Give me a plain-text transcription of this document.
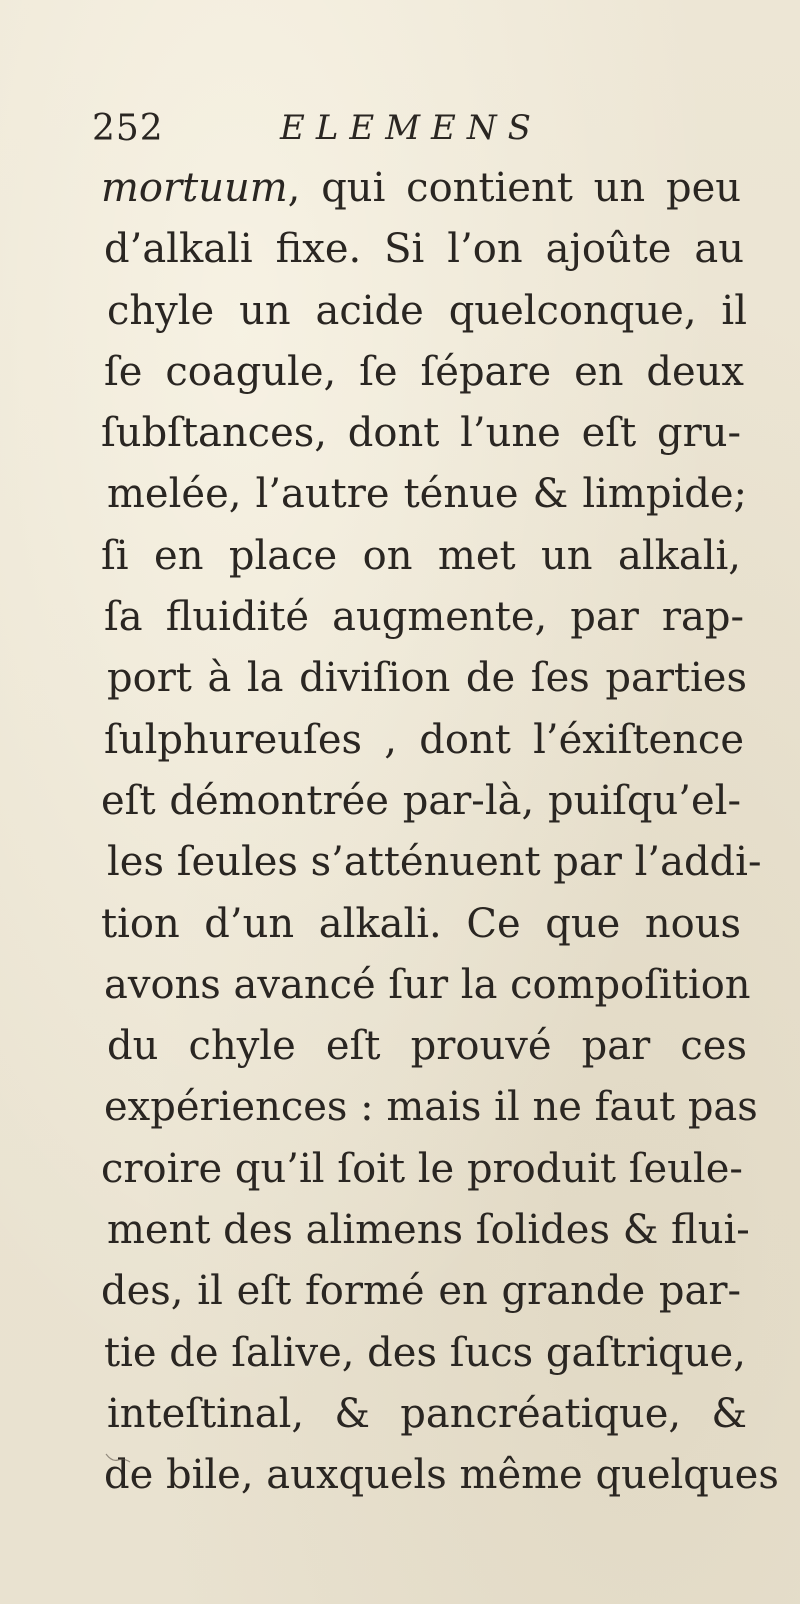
252	ELEMENS
mortuum, qui contient un peu
d’alkali fixe. Si l’on ajoûte au
chyle un acide quelconque, il
ſe coagule, ſe ſépare en deux
ſubſtances, dont l’une eſt gru-
melée, l’autre ténue & limpide;
ſi en place on met un alkali,
ſa fluidité augmente, par rap-
port à la diviſion de ſes parties
ſulphureuſes , dont l’éxiſtence
eſt démontrée par-là, puiſqu’el-
les ſeules s’atténuent par l’addi-
tion d’un alkali. Ce que nous
avons avancé ſur la compoſition
du chyle eſt prouvé par ces
expériences : mais il ne faut pas
croire qu’il ſoit le produit ſeule-
ment des alimens ſolides & flui-
des, il eſt formé en grande par-
tie de ſalive, des ſucs gaſtrique,
inteſtinal, & pancréatique, &
de bile, auxquels même quelques
